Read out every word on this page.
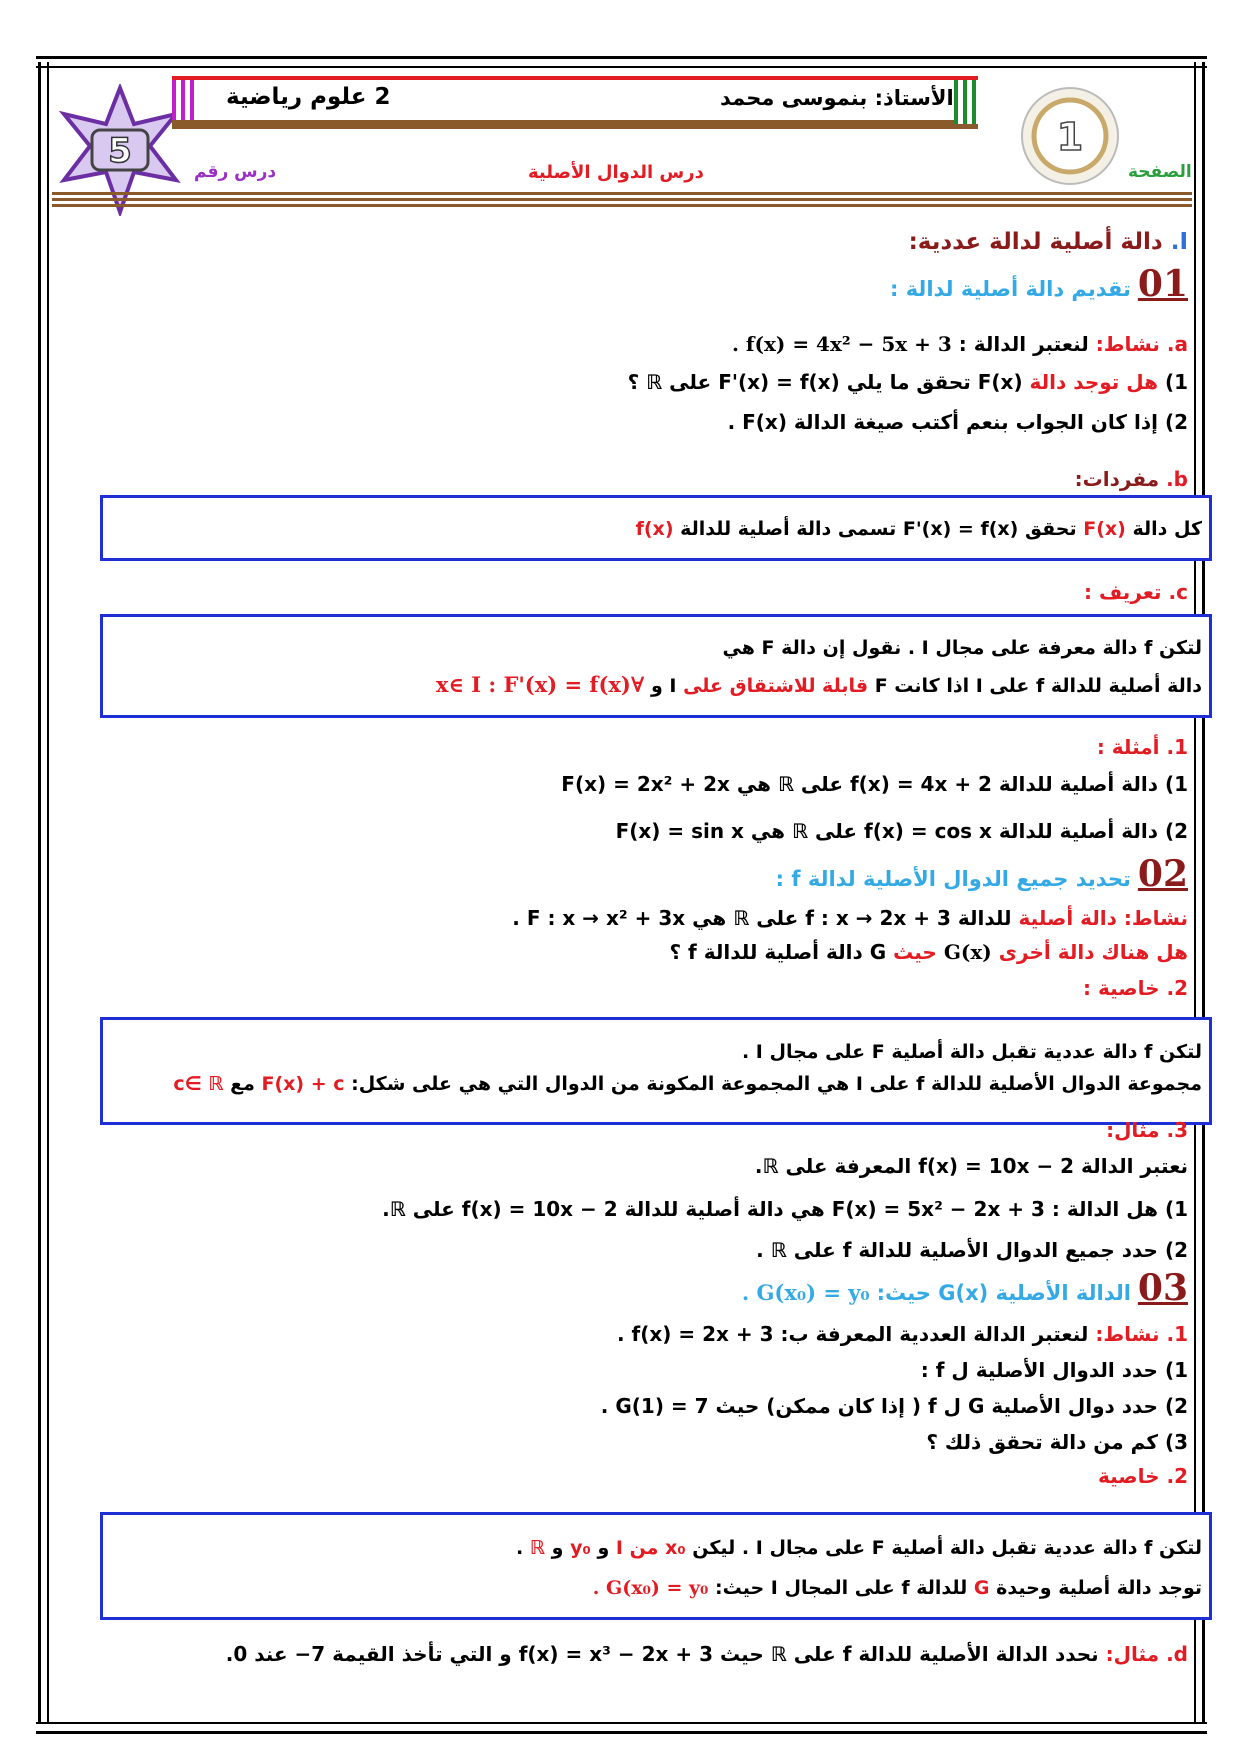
5
2 علوم رياضية	الأستاذ: بنموسى محمد
1
درس رقم	درس الدوال الأصلية	الصفحة
I. دالة أصلية لدالة عددية:
01 تقديم دالة أصلية لدالة :
a. نشاط: لنعتبر الدالة : f(x) = 4x² − 5x + 3 .
1) هل توجد دالة F(x) تحقق ما يلي F'(x) = f(x) على ℝ ؟
2) إذا كان الجواب بنعم أكتب صيغة الدالة F(x) .
b. مفردات:
كل دالة F(x) تحقق F'(x) = f(x) تسمى دالة أصلية للدالة f(x)
c. تعريف :
لتكن f دالة معرفة على مجال I . نقول إن دالة F هي
دالة أصلية للدالة f على I اذا كانت F قابلة للاشتقاق على I و ∀x∈ I : F'(x) = f(x)
1. أمثلة :
1) دالة أصلية للدالة f(x) = 4x + 2 على ℝ هي F(x) = 2x² + 2x
2) دالة أصلية للدالة f(x) = cos x على ℝ هي F(x) = sin x
02 تحديد جميع الدوال الأصلية لدالة f :
نشاط: دالة أصلية للدالة f : x → 2x + 3 على ℝ هي F : x → x² + 3x .
هل هناك دالة أخرى G(x) حيث G دالة أصلية للدالة f ؟
2. خاصية :
لتكن f دالة عددية تقبل دالة أصلية F على مجال I .
مجموعة الدوال الأصلية للدالة f على I هي المجموعة المكونة من الدوال التي هي على شكل: F(x) + c مع c∈ ℝ
3. مثال:
نعتبر الدالة f(x) = 10x − 2 المعرفة على ℝ.
1) هل الدالة : F(x) = 5x² − 2x + 3 هي دالة أصلية للدالة f(x) = 10x − 2 على ℝ.
2) حدد جميع الدوال الأصلية للدالة f على ℝ .
03 الدالة الأصلية G(x) حيث: G(x₀) = y₀ .
1. نشاط: لنعتبر الدالة العددية المعرفة ب: f(x) = 2x + 3 .
1) حدد الدوال الأصلية ل f :
2) حدد دوال الأصلية G ل f ( إذا كان ممكن) حيث G(1) = 7 .
3) كم من دالة تحقق ذلك ؟
2. خاصية
لتكن f دالة عددية تقبل دالة أصلية F على مجال I . ليكن x₀ من I و y₀ و ℝ .
توجد دالة أصلية وحيدة G للدالة f على المجال I حيث: G(x₀) = y₀ .
d. مثال: نحدد الدالة الأصلية للدالة f على ℝ حيث f(x) = x³ − 2x + 3 و التي تأخذ القيمة 7− عند 0.
